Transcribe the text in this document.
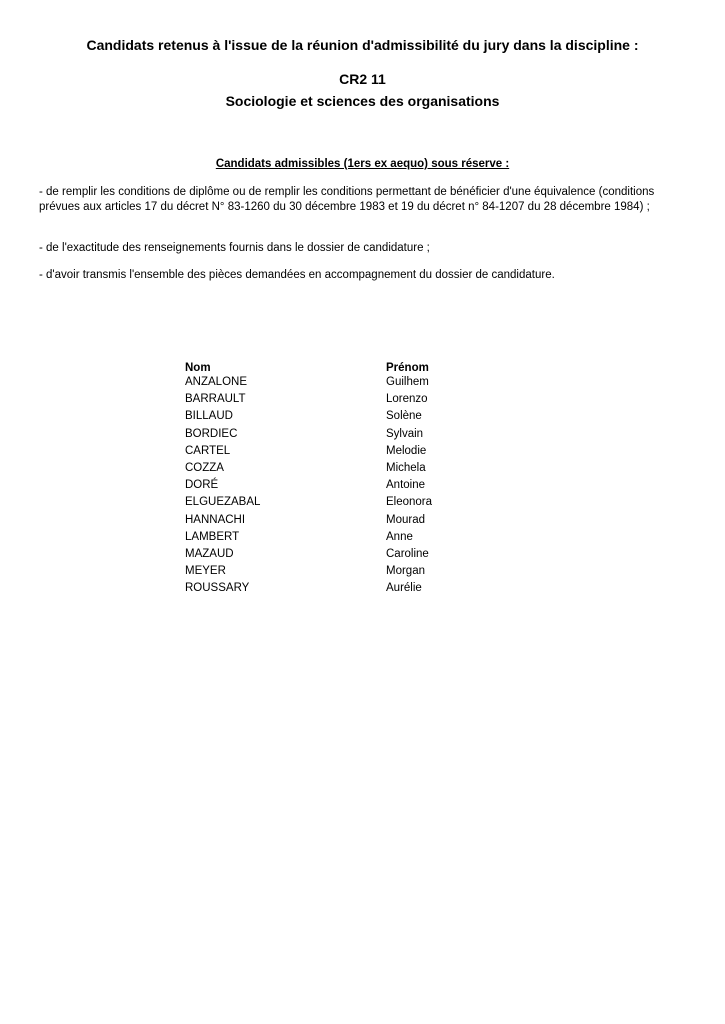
Candidats retenus à l'issue de la réunion d'admissibilité du jury dans la discipline :
CR2 11
Sociologie et sciences des organisations
Candidats admissibles (1ers ex aequo) sous réserve :
- de remplir les conditions de diplôme ou de remplir les conditions permettant de bénéficier d'une équivalence (conditions prévues aux articles 17 du décret N° 83-1260 du 30 décembre 1983 et 19 du décret n° 84-1207 du 28 décembre 1984) ;
- de l'exactitude des renseignements fournis dans le dossier de candidature ;
- d'avoir transmis l'ensemble des pièces demandées en accompagnement du dossier de candidature.
Nom	Prénom
ANZALONE	Guilhem
BARRAULT	Lorenzo
BILLAUD	Solène
BORDIEC	Sylvain
CARTEL	Melodie
COZZA	Michela
DORÉ	Antoine
ELGUEZABAL	Eleonora
HANNACHI	Mourad
LAMBERT	Anne
MAZAUD	Caroline
MEYER	Morgan
ROUSSARY	Aurélie
